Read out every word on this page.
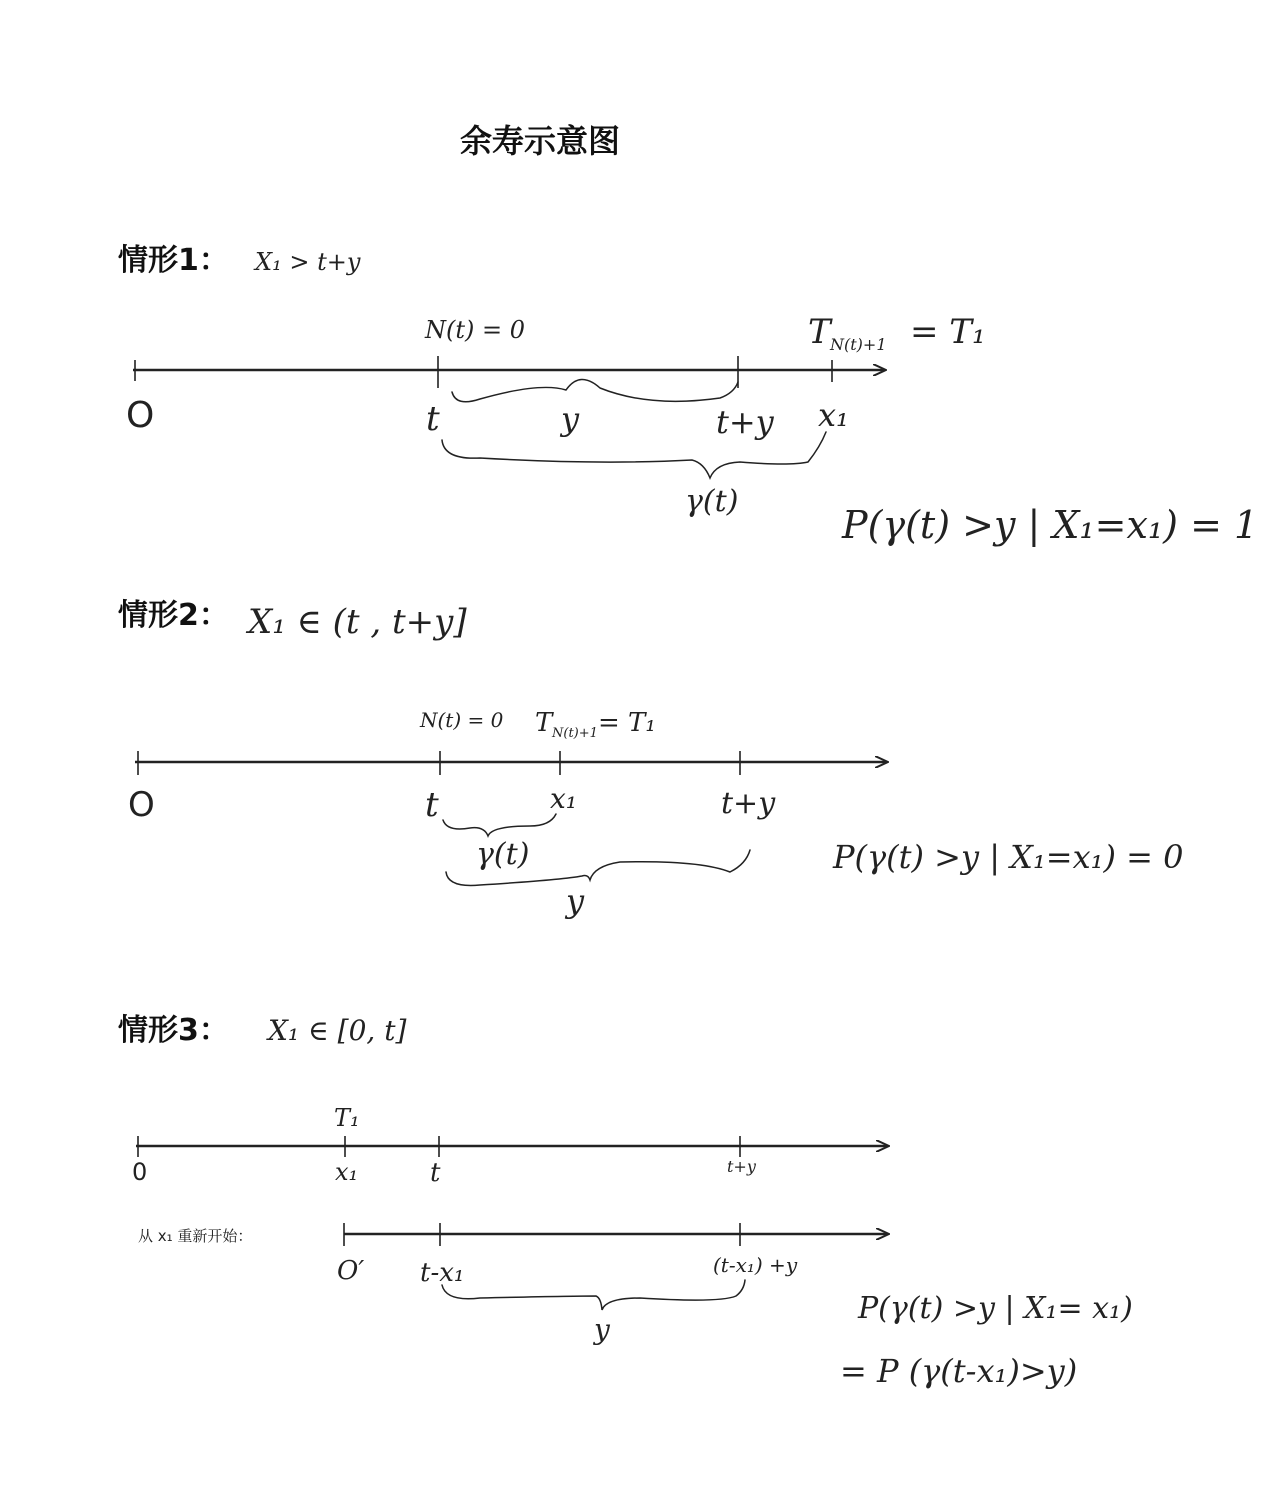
余寿示意图
情形1： X₁ > t+y
N(t) = 0	T N(t)+1 = T₁
O	t	y	t+y x₁
γ(t)
P(γ(t) >y | X₁=x₁) = 1
情形2： X₁ ∈ (t , t+y]
N(t) = 0 T N(t)+1 = T₁
O	t	x₁	t+y
γ(t)
y
P(γ(t) >y | X₁=x₁) = 0
情形3： X₁ ∈ [0, t]
T₁
0	x₁	t	t+y
从 x₁ 重新开始：
O′ t-x₁	(t-x₁) +y
y
P(γ(t) >y | X₁= x₁)
= P (γ(t-x₁)>y)
